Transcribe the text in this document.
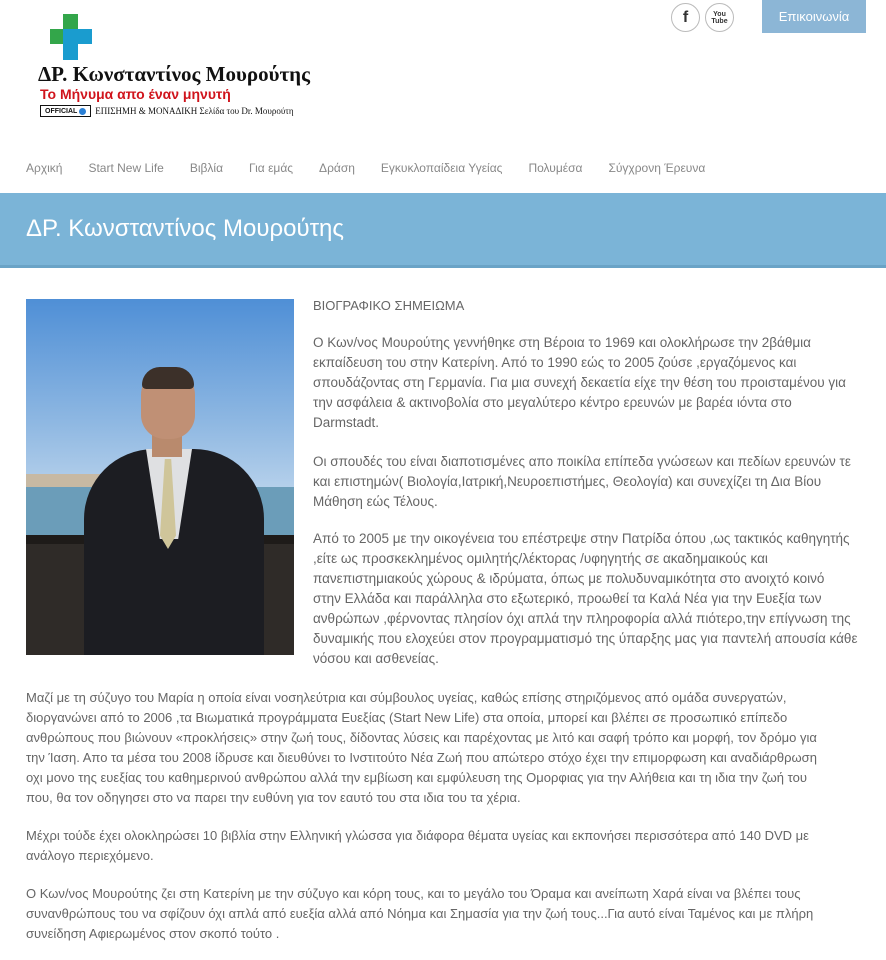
ΔΡ. Κωνσταντίνος Μουρούτης
Το Μήνυμα απο έναν μηνυτή
OFFICIAL ΕΠΙΣΗΜΗ & ΜΟΝΑΔΙΚΗ Σελίδα του Dr. Μουρούτη
f	You
Tube	Επικοινωνία
Αρχική Start New Life Βιβλία Για εμάς Δράση Εγκυκλοπαίδεια Υγείας Πολυμέσα Σύγχρονη Έρευνα
ΔΡ. Κωνσταντίνος Μουρούτης
ΒΙΟΓΡΑΦΙΚΟ ΣΗΜΕΙΩΜΑ
Ο Κων/νος Μουρούτης γεννήθηκε στη Βέροια το 1969 και ολοκλήρωσε την 2βάθμια
εκπαίδευση του στην Κατερίνη. Από το 1990 εώς το 2005 ζούσε ,εργαζόμενος και
σπουδάζοντας στη Γερμανία. Για μια συνεχή δεκαετία είχε την θέση του προισταμένου για
την ασφάλεια & ακτινοβολία στο μεγαλύτερο κέντρο ερευνών με βαρέα ιόντα στο
Darmstadt.
Οι σπουδές του είναι διαποτισμένες απο ποικίλα επίπεδα γνώσεων και πεδίων ερευνών τε
και επιστημών( Βιολογία,Ιατρική,Νευροεπιστήμες, Θεολογία) και συνεχίζει τη Δια Βίου
Μάθηση εώς Τέλους.
Από το 2005 με την οικογένεια του επέστρεψε στην Πατρίδα όπου ,ως τακτικός καθηγητής
,είτε ως προσκεκλημένος ομιλητής/λέκτορας /υφηγητής σε ακαδημαικούς και
πανεπιστημιακούς χώρους & ιδρύματα, όπως με πολυδυναμικότητα στο ανοιχτό κοινό
στην Ελλάδα και παράλληλα στο εξωτερικό, προωθεί τα Καλά Νέα για την Ευεξία των
ανθρώπων ,φέρνοντας πλησίον όχι απλά την πληροφορία αλλά πιότερο,την επίγνωση της
δυναμικής που ελοχεύει στον προγραμματισμό της ύπαρξης μας για παντελή απουσία κάθε
νόσου και ασθενείας.
Μαζί με τη σύζυγο του Μαρία η οποία είναι νοσηλεύτρια και σύμβουλος υγείας, καθώς επίσης στηριζόμενος από ομάδα συνεργατών,
διοργανώνει από το 2006 ,τα Βιωματικά προγράμματα Ευεξίας (Start New Life) στα οποία, μπορεί και βλέπει σε προσωπικό επίπεδο
ανθρώπους που βιώνουν «προκλήσεις» στην ζωή τους, δίδοντας λύσεις και παρέχοντας με λιτό και σαφή τρόπο και μορφή, τον δρόμο για
την Ίαση. Απο τα μέσα του 2008 ίδρυσε και διευθύνει το Ινστιτούτο Νέα Ζωή που απώτερο στόχο έχει την επιμορφωση και αναδιάρθρωση
οχι μονο της ευεξίας του καθημερινού ανθρώπου αλλά την εμβίωση και εμφύλευση της Ομορφιας για την Αλήθεια και τη ιδια την ζωή του
που, θα τον οδηγησει στο να παρει την ευθύνη για τον εαυτό του στα ιδια του τα χέρια.
Μέχρι τούδε έχει ολοκληρώσει 10 βιβλία στην Ελληνική γλώσσα για διάφορα θέματα υγείας και εκπονήσει περισσότερα από 140 DVD με
ανάλογο περιεχόμενο.
Ο Κων/νος Μουρούτης ζει στη Κατερίνη με την σύζυγο και κόρη τους, και το μεγάλο του Όραμα και ανείπωτη Χαρά είναι να βλέπει τους
συνανθρώπους του να σφίζουν όχι απλά από ευεξία αλλά από Νόημα και Σημασία για την ζωή τους...Για αυτό είναι Ταμένος και με πλήρη
συνείδηση Αφιερωμένος στον σκοπό τούτο .
